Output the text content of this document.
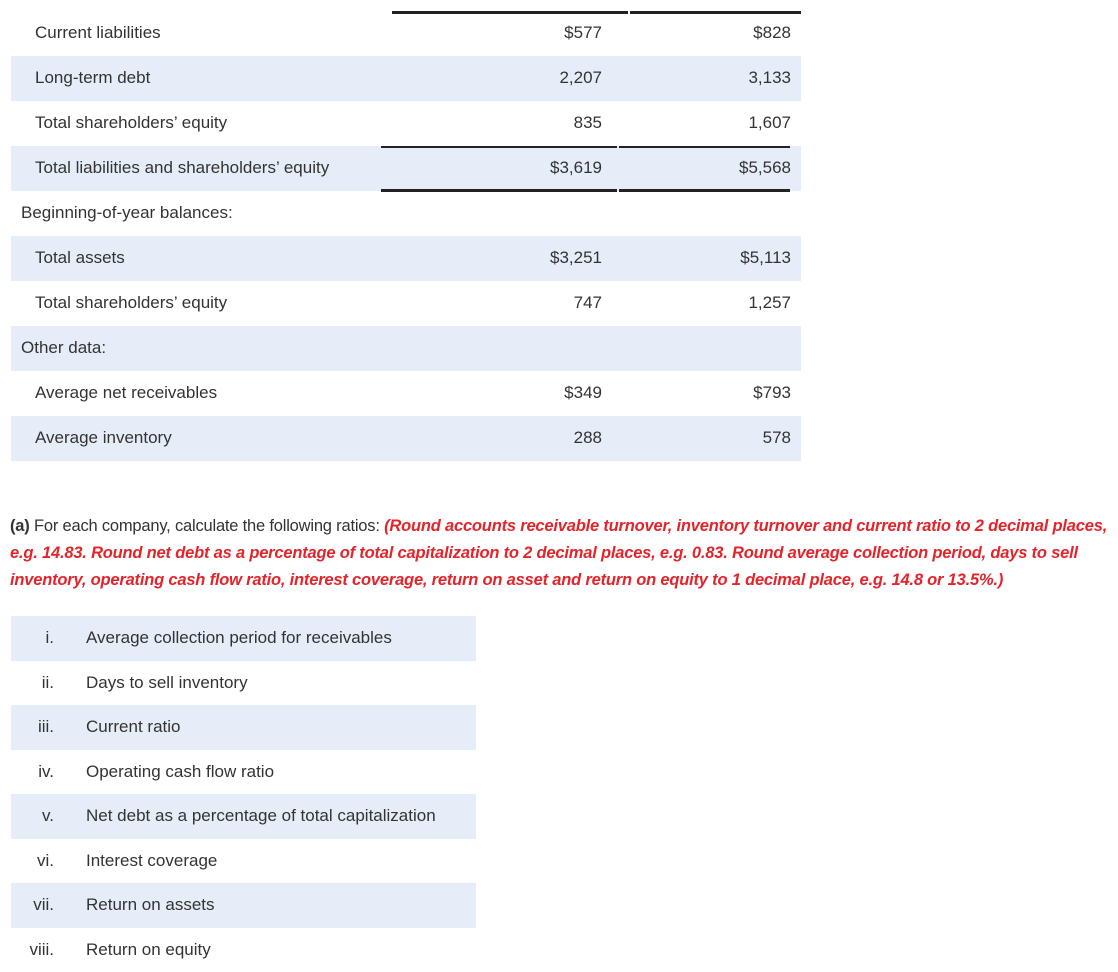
Current liabilities	$577	$828
Long-term debt	2,207	3,133
Total shareholders’ equity	835	1,607
Total liabilities and shareholders’ equity	$3,619	$5,568
Beginning-of-year balances:
Total assets	$3,251	$5,113
Total shareholders’ equity	747	1,257
Other data:
Average net receivables	$349	$793
Average inventory	288	578
(a) For each company, calculate the following ratios: (Round accounts receivable turnover, inventory turnover and current ratio to 2 decimal places, e.g. 14.83. Round net debt as a percentage of total capitalization to 2 decimal places, e.g. 0.83. Round average collection period, days to sell inventory, operating cash flow ratio, interest coverage, return on asset and return on equity to 1 decimal place, e.g. 14.8 or 13.5%.)
i. Average collection period for receivables
ii. Days to sell inventory
iii. Current ratio
iv. Operating cash flow ratio
v. Net debt as a percentage of total capitalization
vi. Interest coverage
vii. Return on assets
viii. Return on equity
